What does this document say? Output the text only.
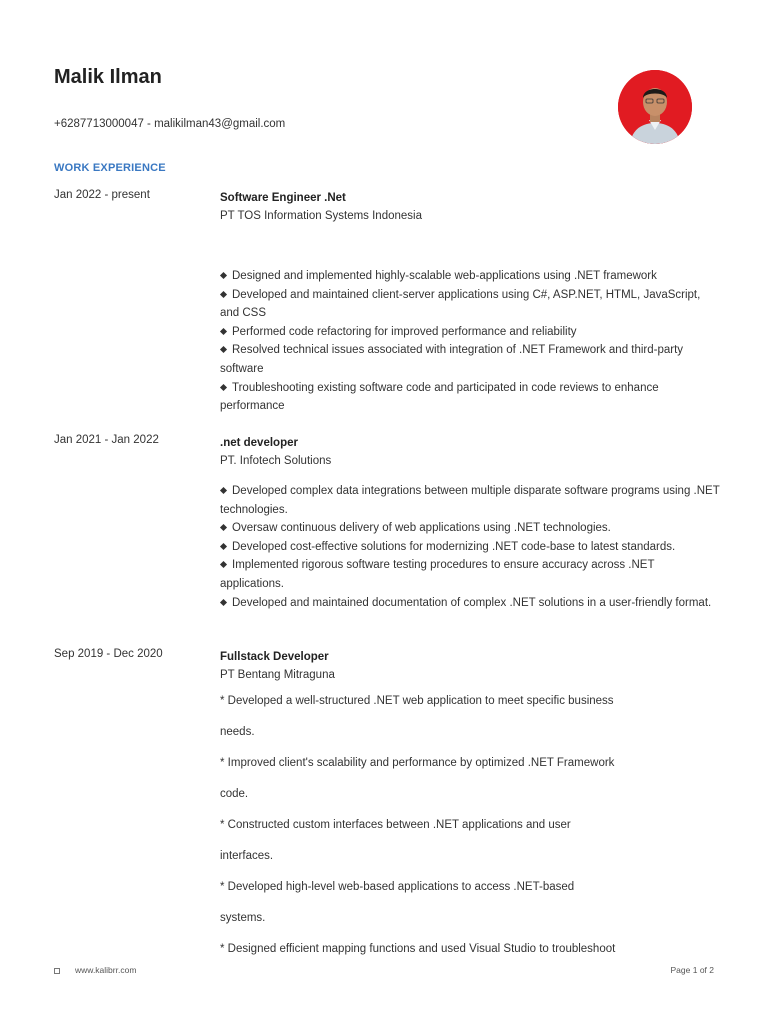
Malik Ilman
+6287713000047 - malikilman43@gmail.com
WORK EXPERIENCE
Jan 2022 - present	Software Engineer .Net
PT TOS Information Systems Indonesia
Designed and implemented highly-scalable web-applications using .NET framework
Developed and maintained client-server applications using C#, ASP.NET, HTML, JavaScript, and CSS
Performed code refactoring for improved performance and reliability
Resolved technical issues associated with integration of .NET Framework and third-party software
Troubleshooting existing software code and participated in code reviews to enhance performance
Jan 2021 - Jan 2022	.net developer
PT. Infotech Solutions
Developed complex data integrations between multiple disparate software programs using .NET technologies.
Oversaw continuous delivery of web applications using .NET technologies.
Developed cost-effective solutions for modernizing .NET code-base to latest standards.
Implemented rigorous software testing procedures to ensure accuracy across .NET applications.
Developed and maintained documentation of complex .NET solutions in a user-friendly format.
Sep 2019 - Dec 2020	Fullstack Developer
PT Bentang Mitraguna

* Developed a well-structured .NET web application to meet specific business

needs.

* Improved client's scalability and performance by optimized .NET Framework

code.

* Constructed custom interfaces between .NET applications and user

interfaces.

* Developed high-level web-based applications to access .NET-based

systems.

* Designed efficient mapping functions and used Visual Studio to troubleshoot

www.kalibrr.com	Page 1 of 2
